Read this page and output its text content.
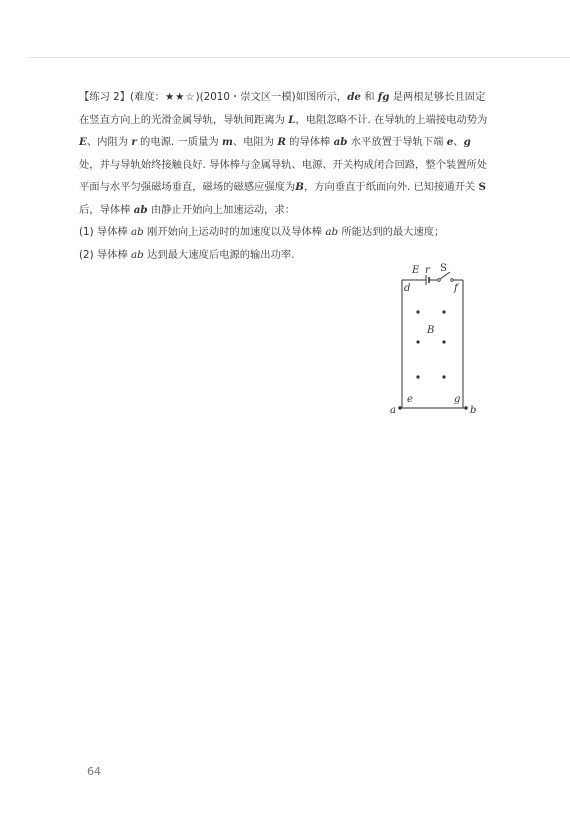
【练习 2】(难度：★★☆)(2010・崇文区一模)如图所示，de 和 fg 是两根足够长且固定在竖直方向上的光滑金属导轨，导轨间距离为 L，电阻忽略不计. 在导轨的上端接电动势为 E、内阻为 r 的电源. 一质量为 m、电阻为 R 的导体棒 ab 水平放置于导轨下端 e、g 处，并与导轨始终接触良好. 导体棒与金属导轨、电源、开关构成闭合回路，整个装置所处平面与水平匀强磁场垂直，磁场的磁感应强度为B，方向垂直于纸面向外. 已知接通开关 S 后，导体棒 ab 由静止开始向上加速运动，求：

(1) 导体棒 ab 刚开始向上运动时的加速度以及导体棒 ab 所能达到的最大速度；

(2) 导体棒 ab 达到最大速度后电源的输出功率.

E r S
d	f
B
e	g
a	b
64
